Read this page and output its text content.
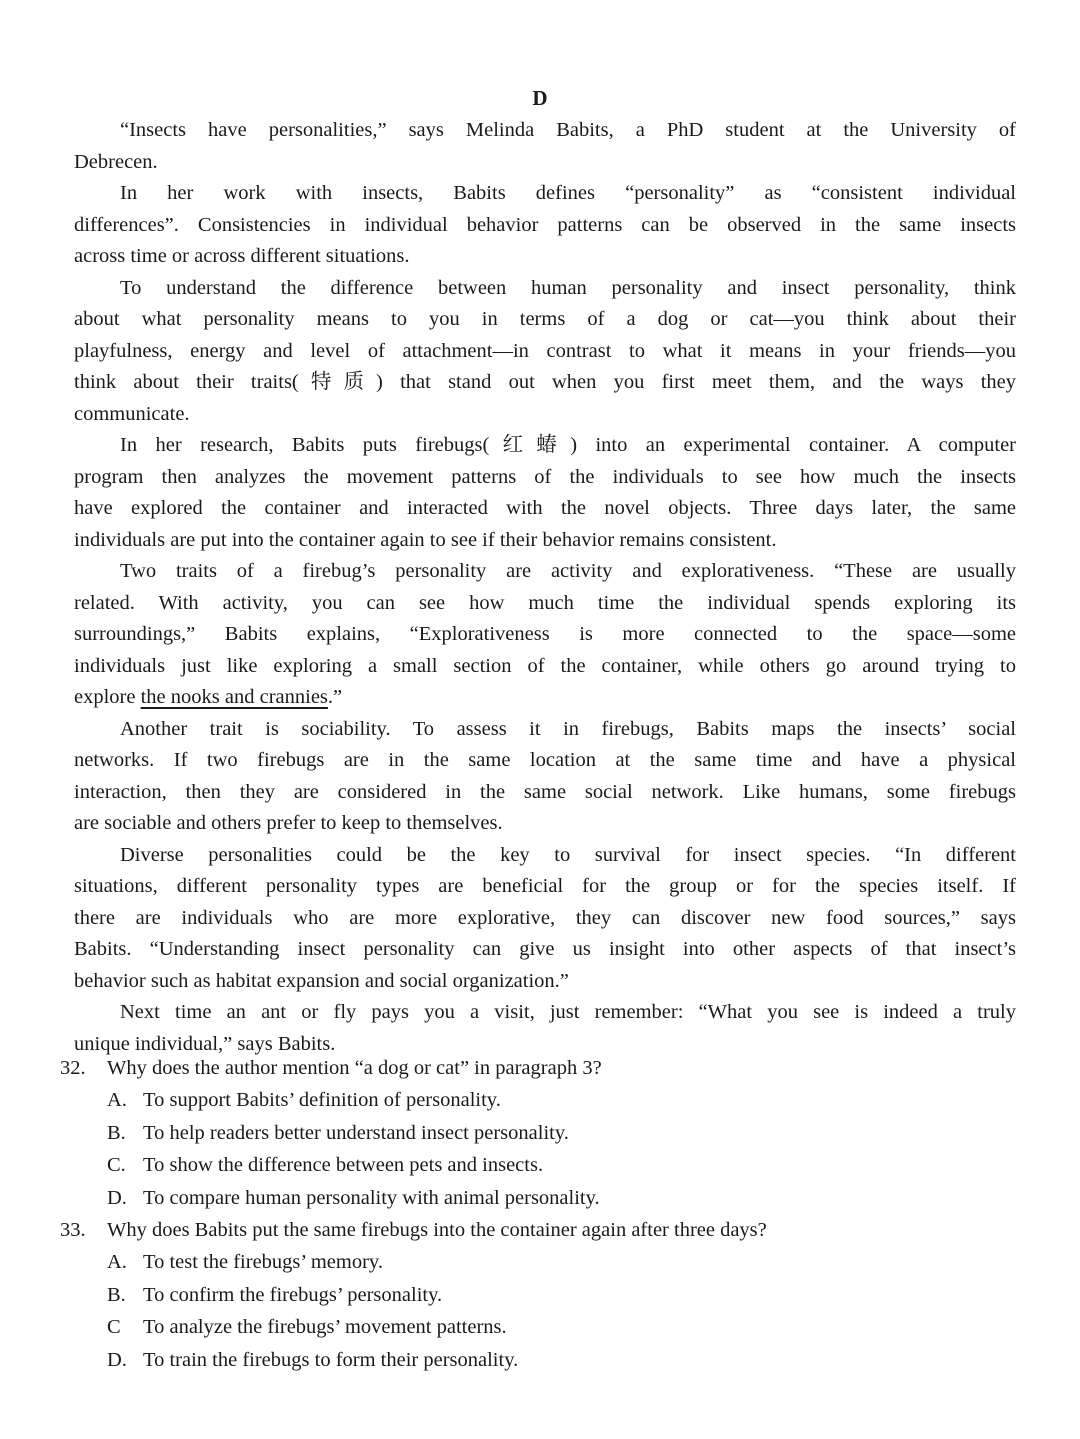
D
“Insects have personalities,” says Melinda Babits, a PhD student at the University of
Debrecen.
In her work with insects, Babits defines “personality” as “consistent individual
differences”. Consistencies in individual behavior patterns can be observed in the same insects
across time or across different situations.
To understand the difference between human personality and insect personality, think
about what personality means to you in terms of a dog or cat—you think about their
playfulness, energy and level of attachment—in contrast to what it means in your friends—you
think about their traits(特质) that stand out when you first meet them, and the ways they
communicate.
In her research, Babits puts firebugs(红蝽) into an experimental container. A computer
program then analyzes the movement patterns of the individuals to see how much the insects
have explored the container and interacted with the novel objects. Three days later, the same
individuals are put into the container again to see if their behavior remains consistent.
Two traits of a firebug’s personality are activity and explorativeness. “These are usually
related. With activity, you can see how much time the individual spends exploring its
surroundings,” Babits explains, “Explorativeness is more connected to the space—some
individuals just like exploring a small section of the container, while others go around trying to
explore the nooks and crannies.”
Another trait is sociability. To assess it in firebugs, Babits maps the insects’ social
networks. If two firebugs are in the same location at the same time and have a physical
interaction, then they are considered in the same social network. Like humans, some firebugs
are sociable and others prefer to keep to themselves.
Diverse personalities could be the key to survival for insect species. “In different
situations, different personality types are beneficial for the group or for the species itself. If
there are individuals who are more explorative, they can discover new food sources,” says
Babits. “Understanding insect personality can give us insight into other aspects of that insect’s
behavior such as habitat expansion and social organization.”
Next time an ant or fly pays you a visit, just remember: “What you see is indeed a truly
unique individual,” says Babits.
32. Why does the author mention “a dog or cat” in paragraph 3?
A. To support Babits’ definition of personality.
B. To help readers better understand insect personality.
C. To show the difference between pets and insects.
D. To compare human personality with animal personality.
33. Why does Babits put the same firebugs into the container again after three days?
A. To test the firebugs’ memory.
B. To confirm the firebugs’ personality.
C To analyze the firebugs’ movement patterns.
D. To train the firebugs to form their personality.
